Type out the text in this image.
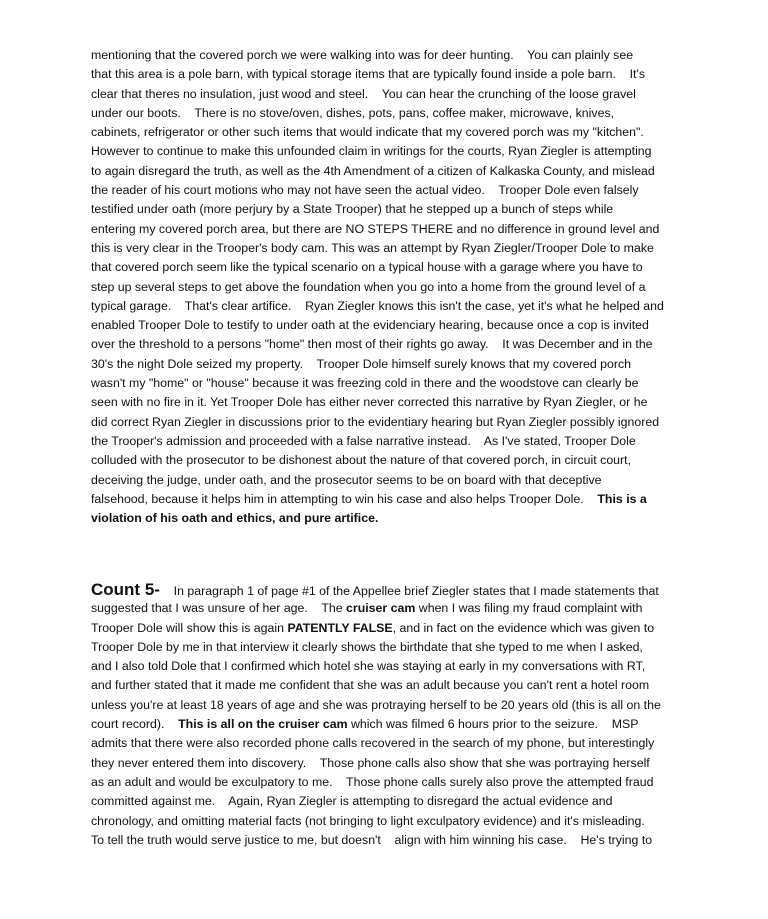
mentioning that the covered porch we were walking into was for deer hunting.    You can plainly see
that this area is a pole barn, with typical storage items that are typically found inside a pole barn.    It's
clear that theres no insulation, just wood and steel.    You can hear the crunching of the loose gravel
under our boots.    There is no stove/oven, dishes, pots, pans, coffee maker, microwave, knives,
cabinets, refrigerator or other such items that would indicate that my covered porch was my "kitchen".
However to continue to make this unfounded claim in writings for the courts, Ryan Ziegler is attempting
to again disregard the truth, as well as the 4th Amendment of a citizen of Kalkaska County, and mislead
the reader of his court motions who may not have seen the actual video.    Trooper Dole even falsely
testified under oath (more perjury by a State Trooper) that he stepped up a bunch of steps while
entering my covered porch area, but there are NO STEPS THERE and no difference in ground level and
this is very clear in the Trooper's body cam. This was an attempt by Ryan Ziegler/Trooper Dole to make
that covered porch seem like the typical scenario on a typical house with a garage where you have to
step up several steps to get above the foundation when you go into a home from the ground level of a
typical garage.    That's clear artifice.    Ryan Ziegler knows this isn't the case, yet it's what he helped and
enabled Trooper Dole to testify to under oath at the evidenciary hearing, because once a cop is invited
over the threshold to a persons "home" then most of their rights go away.    It was December and in the
30's the night Dole seized my property.    Trooper Dole himself surely knows that my covered porch
wasn't my "home" or "house" because it was freezing cold in there and the woodstove can clearly be
seen with no fire in it. Yet Trooper Dole has either never corrected this narrative by Ryan Ziegler, or he
did correct Ryan Ziegler in discussions prior to the evidentiary hearing but Ryan Ziegler possibly ignored
the Trooper's admission and proceeded with a false narrative instead.    As I've stated, Trooper Dole
colluded with the prosecutor to be dishonest about the nature of that covered porch, in circuit court,
deceiving the judge, under oath, and the prosecutor seems to be on board with that deceptive
falsehood, because it helps him in attempting to win his case and also helps Trooper Dole.    This is a
violation of his oath and ethics, and pure artifice.
Count 5-    In paragraph 1 of page #1 of the Appellee brief Ziegler states that I made statements that
suggested that I was unsure of her age.    The cruiser cam when I was filing my fraud complaint with
Trooper Dole will show this is again PATENTLY FALSE, and in fact on the evidence which was given to
Trooper Dole by me in that interview it clearly shows the birthdate that she typed to me when I asked,
and I also told Dole that I confirmed which hotel she was staying at early in my conversations with RT,
and further stated that it made me confident that she was an adult because you can't rent a hotel room
unless you're at least 18 years of age and she was protraying herself to be 20 years old (this is all on the
court record).    This is all on the cruiser cam which was filmed 6 hours prior to the seizure.    MSP
admits that there were also recorded phone calls recovered in the search of my phone, but interestingly
they never entered them into discovery.    Those phone calls also show that she was portraying herself
as an adult and would be exculpatory to me.    Those phone calls surely also prove the attempted fraud
committed against me.    Again, Ryan Ziegler is attempting to disregard the actual evidence and
chronology, and omitting material facts (not bringing to light exculpatory evidence) and it's misleading.
To tell the truth would serve justice to me, but doesn't    align with him winning his case.    He's trying to
